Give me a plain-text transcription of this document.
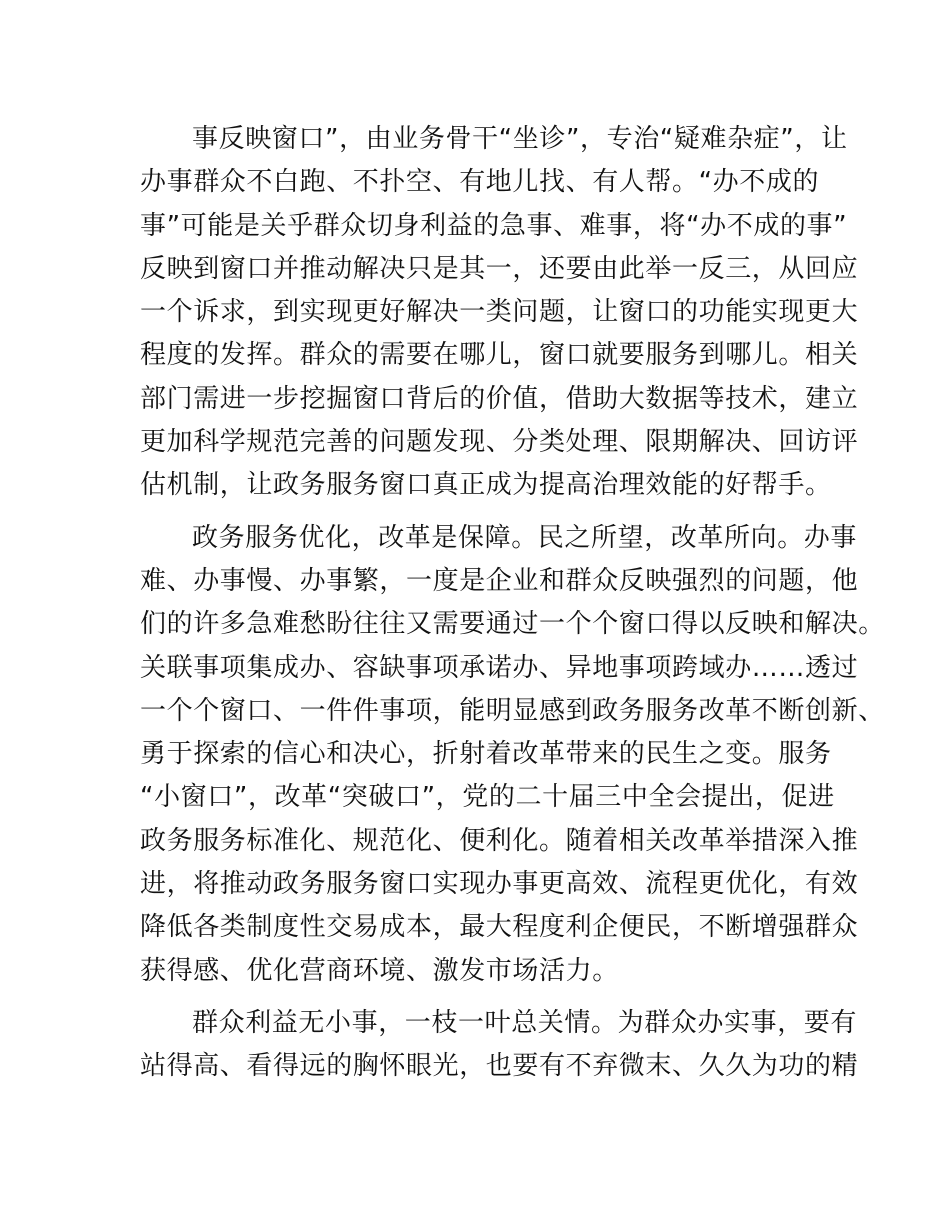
事反映窗口”，由业务骨干“坐诊”，专治“疑难杂症”，让
办事群众不白跑、不扑空、有地儿找、有人帮。“办不成的
事”可能是关乎群众切身利益的急事、难事，将“办不成的事”
反映到窗口并推动解决只是其一，还要由此举一反三，从回应
一个诉求，到实现更好解决一类问题，让窗口的功能实现更大
程度的发挥。群众的需要在哪儿，窗口就要服务到哪儿。相关
部门需进一步挖掘窗口背后的价值，借助大数据等技术，建立
更加科学规范完善的问题发现、分类处理、限期解决、回访评
估机制，让政务服务窗口真正成为提高治理效能的好帮手。
政务服务优化，改革是保障。民之所望，改革所向。办事
难、办事慢、办事繁，一度是企业和群众反映强烈的问题，他
们的许多急难愁盼往往又需要通过一个个窗口得以反映和解决。
关联事项集成办、容缺事项承诺办、异地事项跨域办……透过
一个个窗口、一件件事项，能明显感到政务服务改革不断创新、
勇于探索的信心和决心，折射着改革带来的民生之变。服务
“小窗口”，改革“突破口”，党的二十届三中全会提出，促进
政务服务标准化、规范化、便利化。随着相关改革举措深入推
进，将推动政务服务窗口实现办事更高效、流程更优化，有效
降低各类制度性交易成本，最大程度利企便民，不断增强群众
获得感、优化营商环境、激发市场活力。
群众利益无小事，一枝一叶总关情。为群众办实事，要有
站得高、看得远的胸怀眼光，也要有不弃微末、久久为功的精
